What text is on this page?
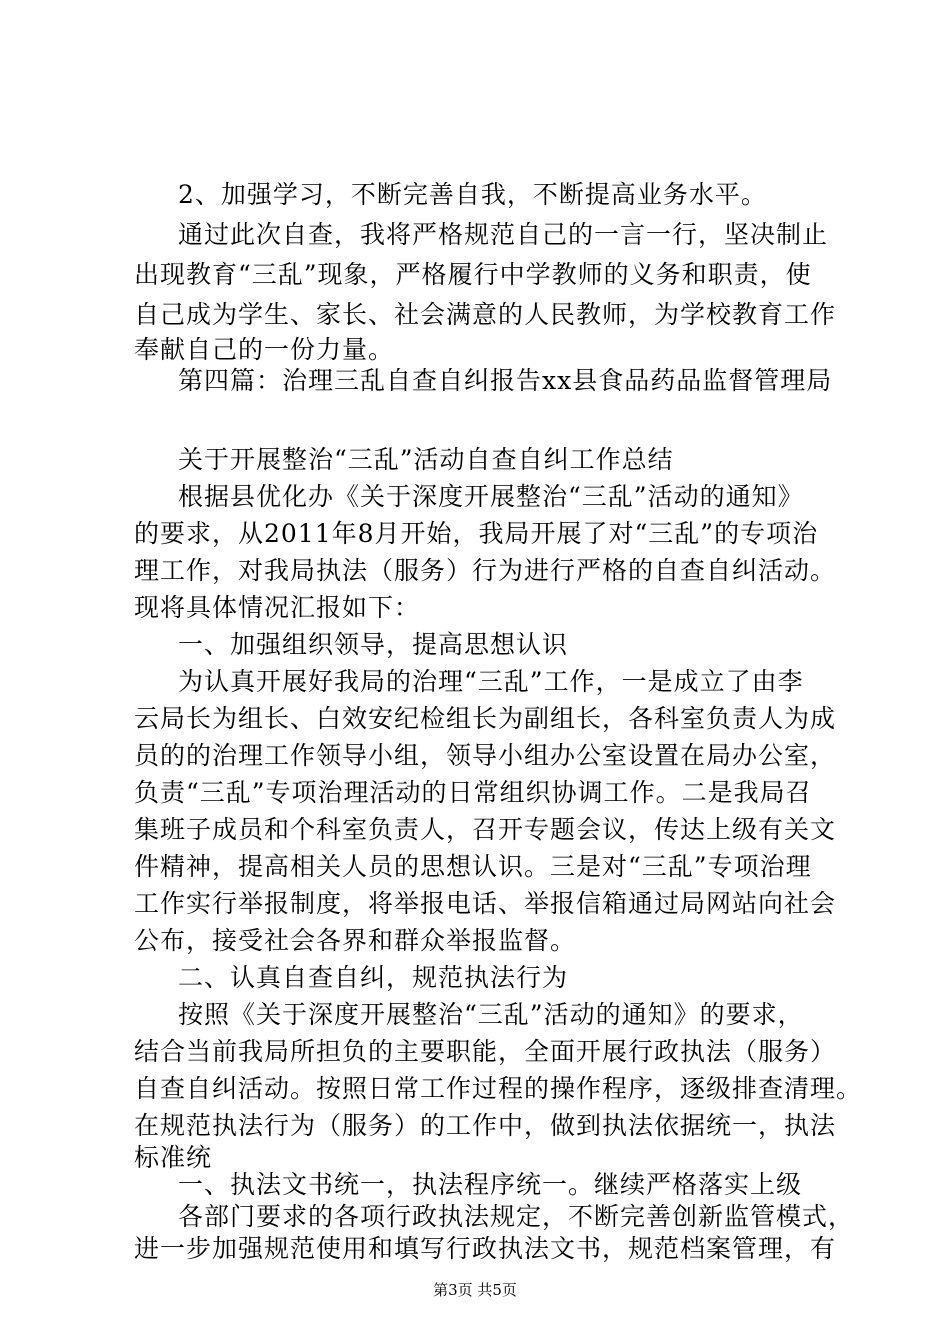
2、加强学习，不断完善自我，不断提高业务水平。
通过此次自查，我将严格规范自己的一言一行，坚决制止
出现教育“三乱”现象，严格履行中学教师的义务和职责，使
自己成为学生、家长、社会满意的人民教师，为学校教育工作
奉献自己的一份力量。
第四篇：治理三乱自查自纠报告xx县食品药品监督管理局
关于开展整治“三乱”活动自查自纠工作总结
根据县优化办《关于深度开展整治“三乱”活动的通知》
的要求，从2011年8月开始，我局开展了对“三乱”的专项治
理工作，对我局执法（服务）行为进行严格的自查自纠活动。
现将具体情况汇报如下：
一、加强组织领导，提高思想认识
为认真开展好我局的治理“三乱”工作，一是成立了由李
云局长为组长、白效安纪检组长为副组长，各科室负责人为成
员的的治理工作领导小组，领导小组办公室设置在局办公室，
负责“三乱”专项治理活动的日常组织协调工作。二是我局召
集班子成员和个科室负责人，召开专题会议，传达上级有关文
件精神，提高相关人员的思想认识。三是对“三乱”专项治理
工作实行举报制度，将举报电话、举报信箱通过局网站向社会
公布，接受社会各界和群众举报监督。
二、认真自查自纠，规范执法行为
按照《关于深度开展整治“三乱”活动的通知》的要求，
结合当前我局所担负的主要职能，全面开展行政执法（服务）
自查自纠活动。按照日常工作过程的操作程序，逐级排查清理。
在规范执法行为（服务）的工作中，做到执法依据统一，执法
标准统
一、执法文书统一，执法程序统一。继续严格落实上级
各部门要求的各项行政执法规定，不断完善创新监管模式，
进一步加强规范使用和填写行政执法文书，规范档案管理，有
第3页 共5页
